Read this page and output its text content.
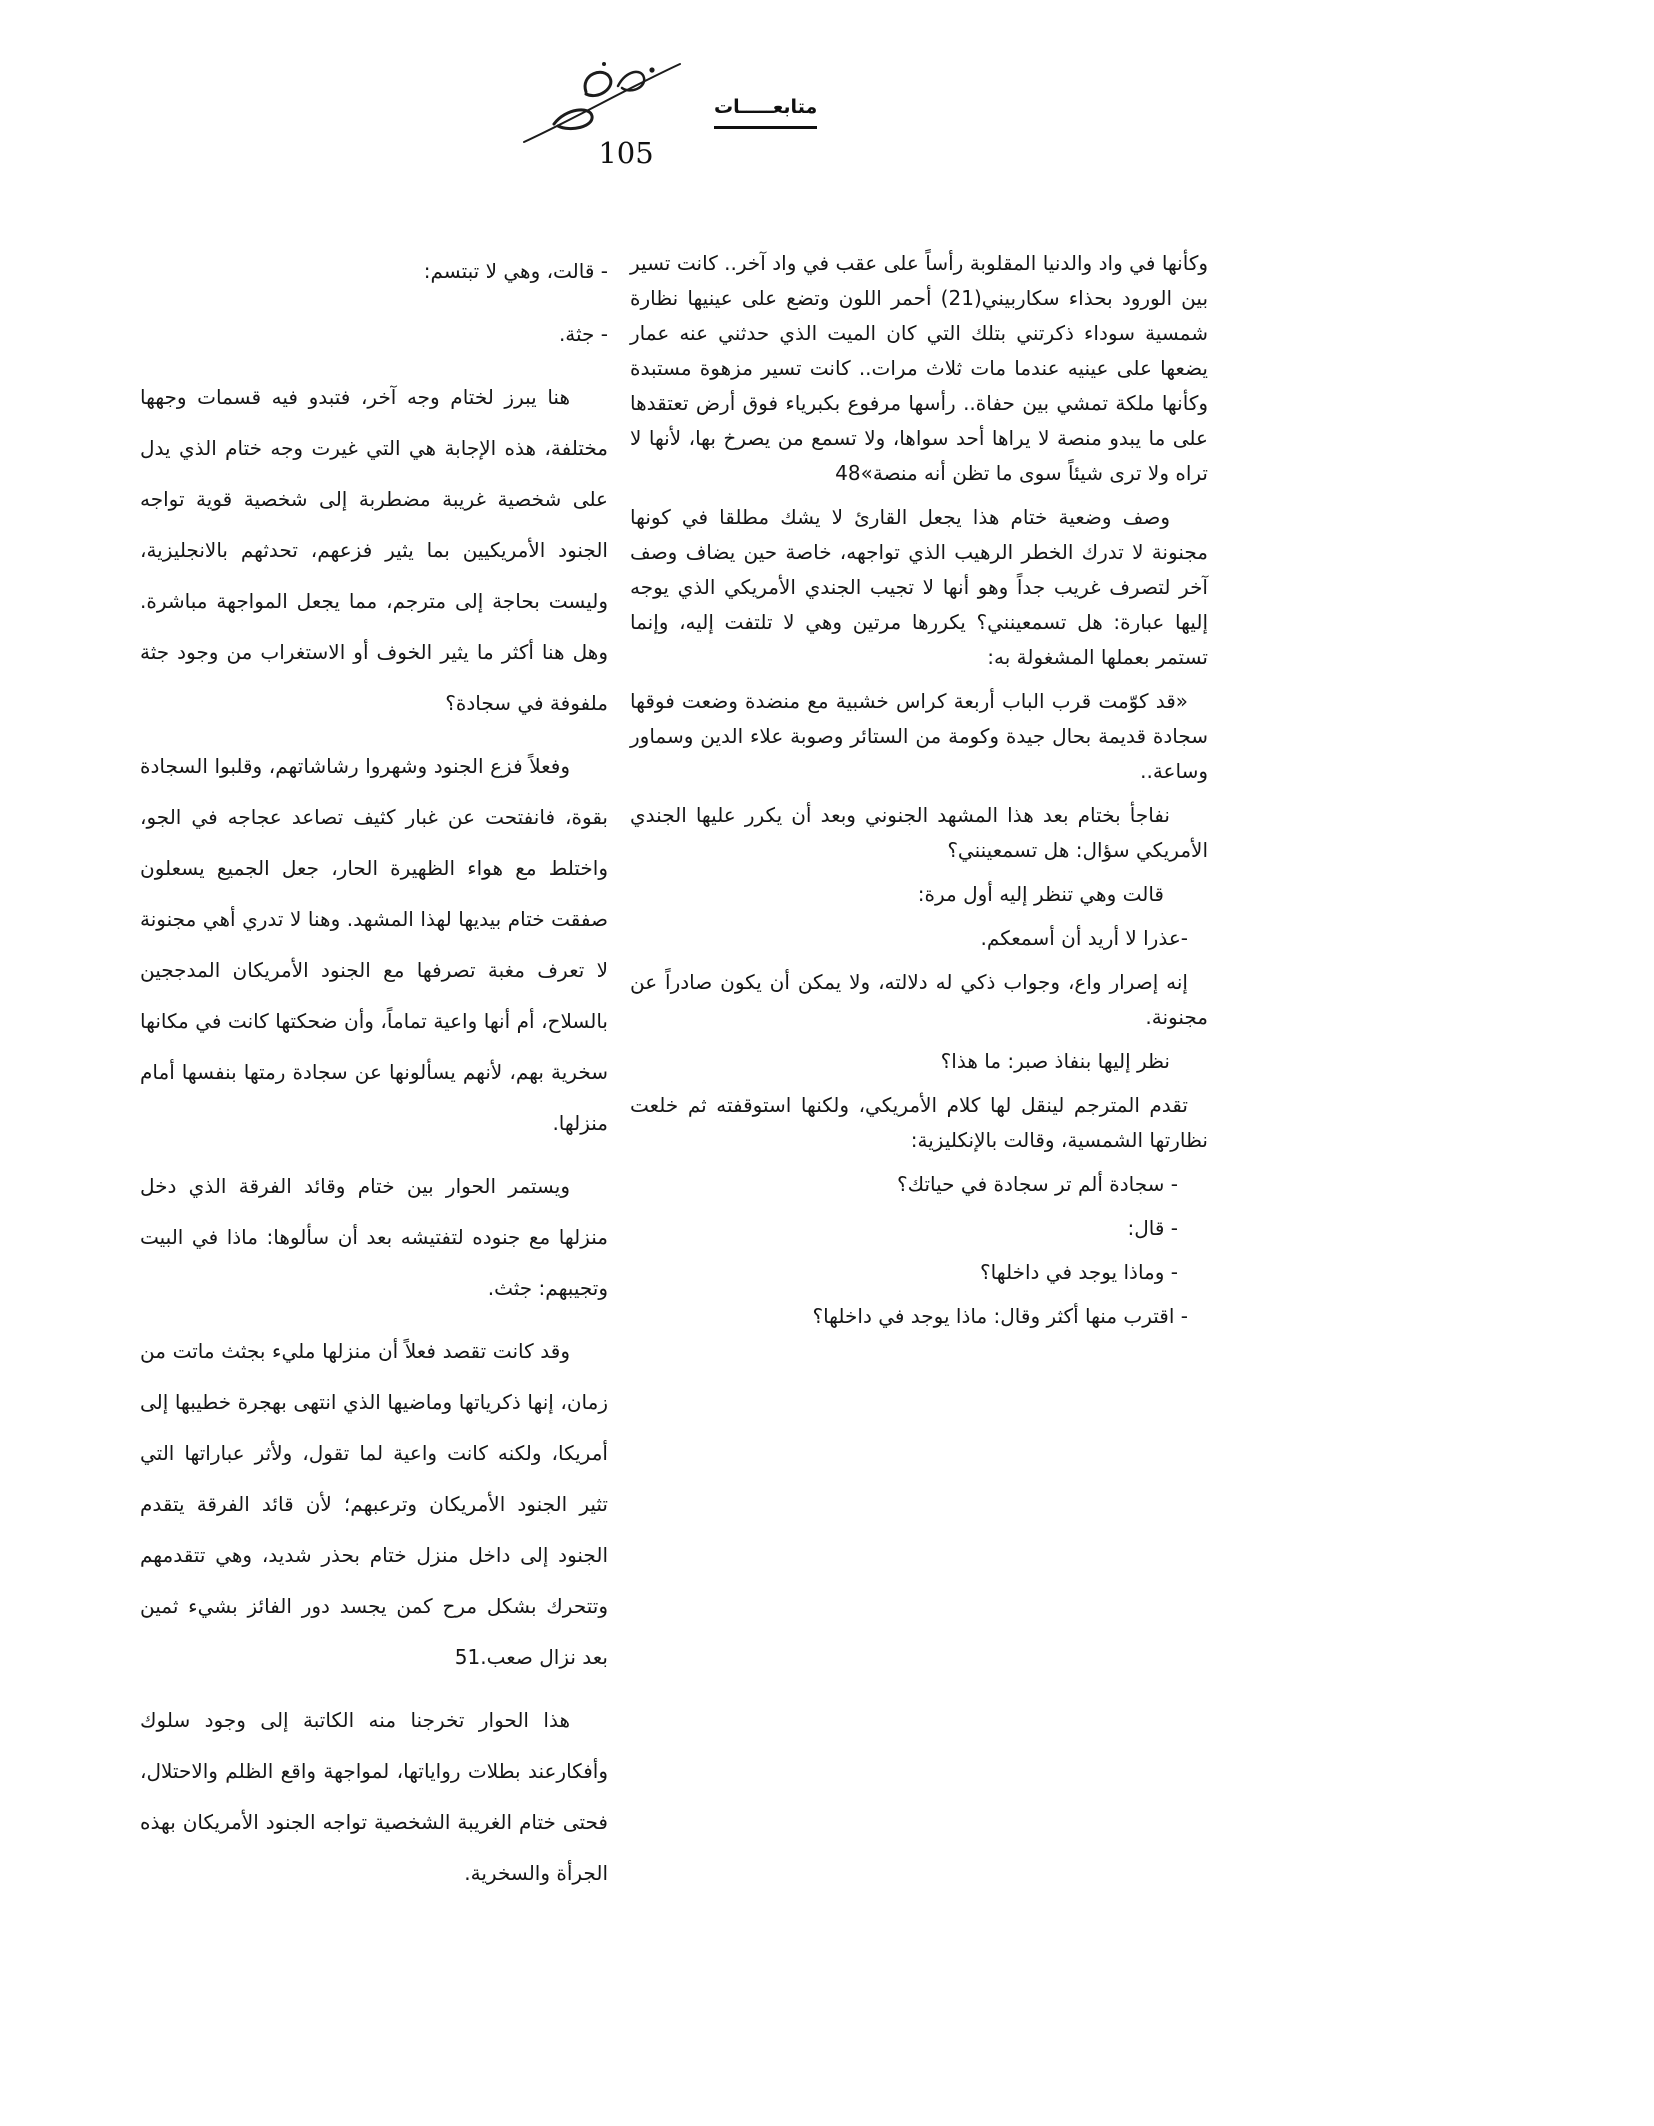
متابعـــــات
105

وكأنها في واد والدنيا المقلوبة رأساً على عقب في واد آخر.. كانت تسير بين الورود بحذاء سكاربيني(21) أحمر اللون وتضع على عينيها نظارة شمسية سوداء ذكرتني بتلك التي كان الميت الذي حدثني عنه عمار يضعها على عينيه عندما مات ثلاث مرات.. كانت تسير مزهوة مستبدة وكأنها ملكة تمشي بين حفاة.. رأسها مرفوع بكبرياء فوق أرض تعتقدها على ما يبدو منصة لا يراها أحد سواها، ولا تسمع من يصرخ بها، لأنها لا تراه ولا ترى شيئاً سوى ما تظن أنه منصة»48

وصف وضعية ختام هذا يجعل القارئ لا يشك مطلقا في كونها مجنونة لا تدرك الخطر الرهيب الذي تواجهه، خاصة حين يضاف وصف آخر لتصرف غريب جداً وهو أنها لا تجيب الجندي الأمريكي الذي يوجه إليها عبارة: هل تسمعينني؟ يكررها مرتين وهي لا تلتفت إليه، وإنما تستمر بعملها المشغولة به:

«قد كوّمت قرب الباب أربعة كراس خشبية مع منضدة وضعت فوقها سجادة قديمة بحال جيدة وكومة من الستائر وصوبة علاء الدين وسماور وساعة..

نفاجأ بختام بعد هذا المشهد الجنوني وبعد أن يكرر عليها الجندي الأمريكي سؤال: هل تسمعينني؟

قالت وهي تنظر إليه أول مرة:

-عذرا لا أريد أن أسمعكم.

إنه إصرار واع، وجواب ذكي له دلالته، ولا يمكن أن يكون صادراً عن مجنونة.

نظر إليها بنفاذ صبر: ما هذا؟

تقدم المترجم لينقل لها كلام الأمريكي، ولكنها استوقفته ثم خلعت نظارتها الشمسية، وقالت بالإنكليزية:

- سجادة ألم تر سجادة في حياتك؟

- قال:

- وماذا يوجد في داخلها؟

- اقترب منها أكثر وقال: ماذا يوجد في داخلها؟

- قالت، وهي لا تبتسم:

- جثة.

هنا يبرز لختام وجه آخر، فتبدو فيه قسمات وجهها مختلفة، هذه الإجابة هي التي غيرت وجه ختام الذي يدل على شخصية غريبة مضطربة إلى شخصية قوية تواجه الجنود الأمريكيين بما يثير فزعهم، تحدثهم بالانجليزية، وليست بحاجة إلى مترجم، مما يجعل المواجهة مباشرة. وهل هنا أكثر ما يثير الخوف أو الاستغراب من وجود جثة ملفوفة في سجادة؟

وفعلاً فزع الجنود وشهروا رشاشاتهم، وقلبوا السجادة بقوة، فانفتحت عن غبار كثيف تصاعد عجاجه في الجو، واختلط مع هواء الظهيرة الحار، جعل الجميع يسعلون صفقت ختام بيديها لهذا المشهد. وهنا لا تدري أهي مجنونة لا تعرف مغبة تصرفها مع الجنود الأمريكان المدججين بالسلاح، أم أنها واعية تماماً، وأن ضحكتها كانت في مكانها سخرية بهم، لأنهم يسألونها عن سجادة رمتها بنفسها أمام منزلها.

ويستمر الحوار بين ختام وقائد الفرقة الذي دخل منزلها مع جنوده لتفتيشه بعد أن سألوها: ماذا في البيت وتجيبهم: جثث.

وقد كانت تقصد فعلاً أن منزلها مليء بجثث ماتت من زمان، إنها ذكرياتها وماضيها الذي انتهى بهجرة خطيبها إلى أمريكا، ولكنه كانت واعية لما تقول، ولأثر عباراتها التي تثير الجنود الأمريكان وترعبهم؛ لأن قائد الفرقة يتقدم الجنود إلى داخل منزل ختام بحذر شديد، وهي تتقدمهم وتتحرك بشكل مرح كمن يجسد دور الفائز بشيء ثمين بعد نزال صعب.51

هذا الحوار تخرجنا منه الكاتبة إلى وجود سلوك وأفكارعند بطلات رواياتها، لمواجهة واقع الظلم والاحتلال، فحتى ختام الغريبة الشخصية تواجه الجنود الأمريكان بهذه الجرأة والسخرية.
